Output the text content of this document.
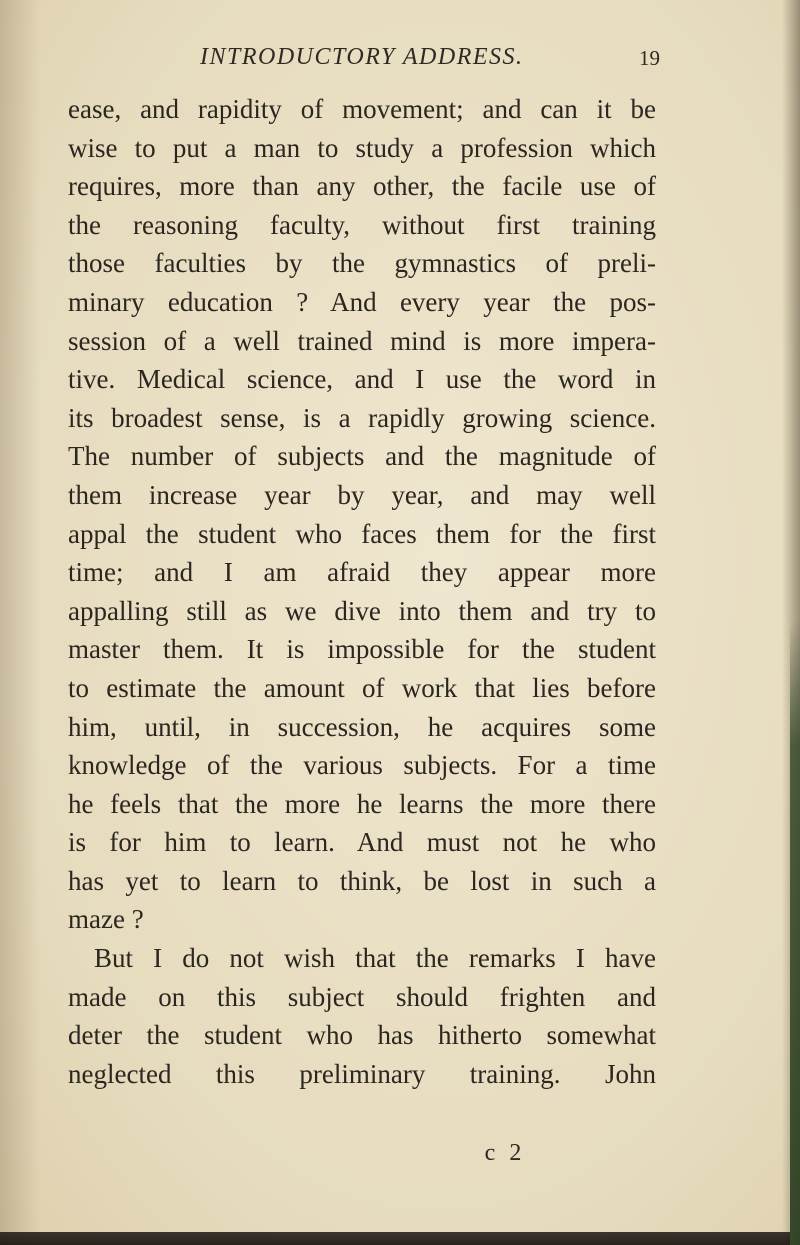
INTRODUCTORY ADDRESS.	19
ease, and rapidity of movement; and can it be
wise to put a man to study a profession which
requires, more than any other, the facile use of
the reasoning faculty, without first training
those faculties by the gymnastics of preli-
minary education ? And every year the pos-
session of a well trained mind is more impera-
tive. Medical science, and I use the word in
its broadest sense, is a rapidly growing science.
The number of subjects and the magnitude of
them increase year by year, and may well
appal the student who faces them for the first
time; and I am afraid they appear more
appalling still as we dive into them and try to
master them. It is impossible for the student
to estimate the amount of work that lies before
him, until, in succession, he acquires some
knowledge of the various subjects. For a time
he feels that the more he learns the more there
is for him to learn. And must not he who
has yet to learn to think, be lost in such a
maze ?
But I do not wish that the remarks I have
made on this subject should frighten and
deter the student who has hitherto somewhat
neglected this preliminary training. John
c 2
